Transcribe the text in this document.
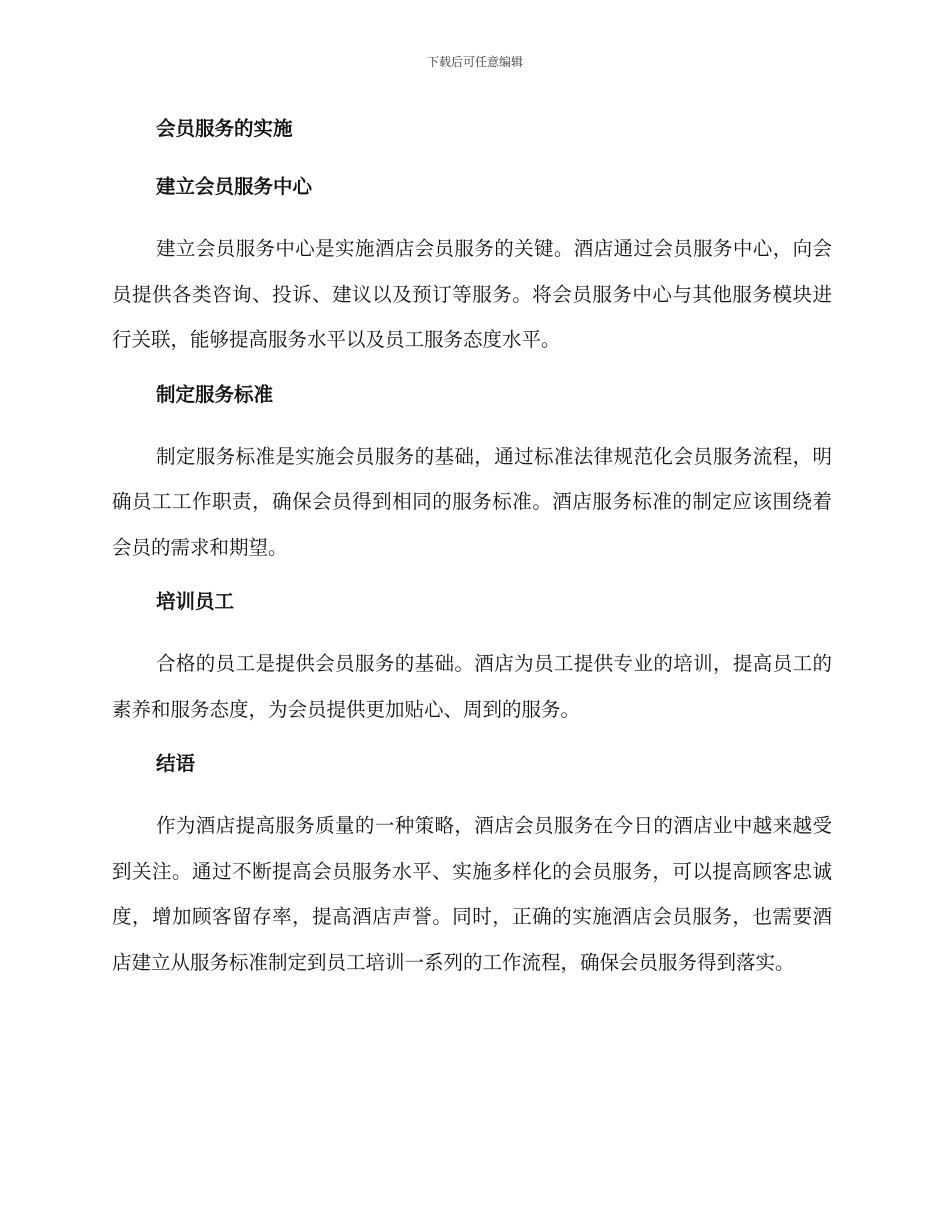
下载后可任意编辑
会员服务的实施
建立会员服务中心

建立会员服务中心是实施酒店会员服务的关键。酒店通过会员服务中心，向会员提供各类咨询、投诉、建议以及预订等服务。将会员服务中心与其他服务模块进行关联，能够提高服务水平以及员工服务态度水平。

制定服务标准

制定服务标准是实施会员服务的基础，通过标准法律规范化会员服务流程，明确员工工作职责，确保会员得到相同的服务标准。酒店服务标准的制定应该围绕着会员的需求和期望。

培训员工

合格的员工是提供会员服务的基础。酒店为员工提供专业的培训，提高员工的素养和服务态度，为会员提供更加贴心、周到的服务。

结语

作为酒店提高服务质量的一种策略，酒店会员服务在今日的酒店业中越来越受到关注。通过不断提高会员服务水平、实施多样化的会员服务，可以提高顾客忠诚度，增加顾客留存率，提高酒店声誉。同时，正确的实施酒店会员服务，也需要酒店建立从服务标准制定到员工培训一系列的工作流程，确保会员服务得到落实。
